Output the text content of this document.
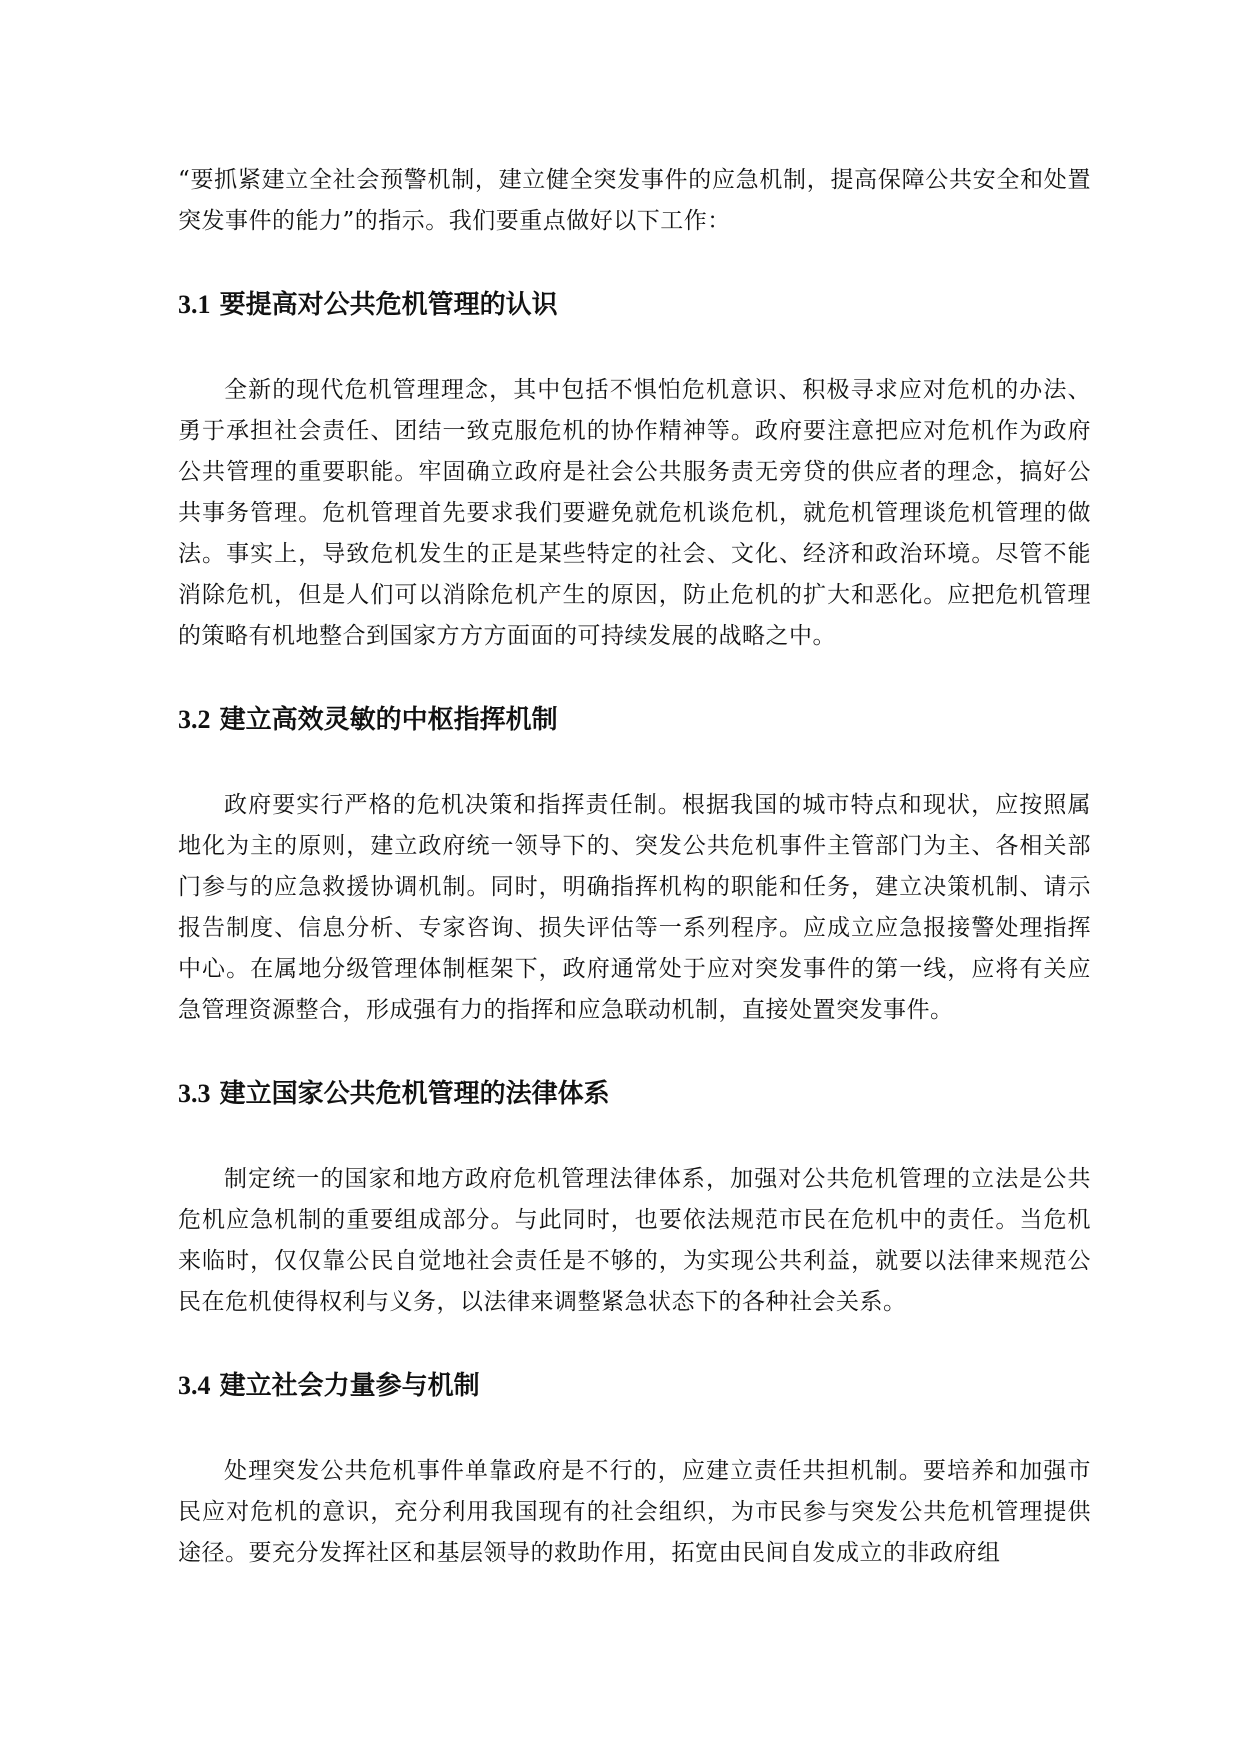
“要抓紧建立全社会预警机制，建立健全突发事件的应急机制，提高保障公共安全和处置突发事件的能力”的指示。我们要重点做好以下工作：

3.1 要提高对公共危机管理的认识

全新的现代危机管理理念，其中包括不惧怕危机意识、积极寻求应对危机的办法、勇于承担社会责任、团结一致克服危机的协作精神等。政府要注意把应对危机作为政府公共管理的重要职能。牢固确立政府是社会公共服务责无旁贷的供应者的理念，搞好公共事务管理。危机管理首先要求我们要避免就危机谈危机，就危机管理谈危机管理的做法。事实上，导致危机发生的正是某些特定的社会、文化、经济和政治环境。尽管不能消除危机，但是人们可以消除危机产生的原因，防止危机的扩大和恶化。应把危机管理的策略有机地整合到国家方方方面面的可持续发展的战略之中。

3.2 建立高效灵敏的中枢指挥机制

政府要实行严格的危机决策和指挥责任制。根据我国的城市特点和现状，应按照属地化为主的原则，建立政府统一领导下的、突发公共危机事件主管部门为主、各相关部门参与的应急救援协调机制。同时，明确指挥机构的职能和任务，建立决策机制、请示报告制度、信息分析、专家咨询、损失评估等一系列程序。应成立应急报接警处理指挥中心。在属地分级管理体制框架下，政府通常处于应对突发事件的第一线，应将有关应急管理资源整合，形成强有力的指挥和应急联动机制，直接处置突发事件。

3.3 建立国家公共危机管理的法律体系

制定统一的国家和地方政府危机管理法律体系，加强对公共危机管理的立法是公共危机应急机制的重要组成部分。与此同时，也要依法规范市民在危机中的责任。当危机来临时，仅仅靠公民自觉地社会责任是不够的，为实现公共利益，就要以法律来规范公民在危机使得权利与义务，以法律来调整紧急状态下的各种社会关系。

3.4 建立社会力量参与机制

处理突发公共危机事件单靠政府是不行的，应建立责任共担机制。要培养和加强市民应对危机的意识，充分利用我国现有的社会组织，为市民参与突发公共危机管理提供途径。要充分发挥社区和基层领导的救助作用，拓宽由民间自发成立的非政府组
